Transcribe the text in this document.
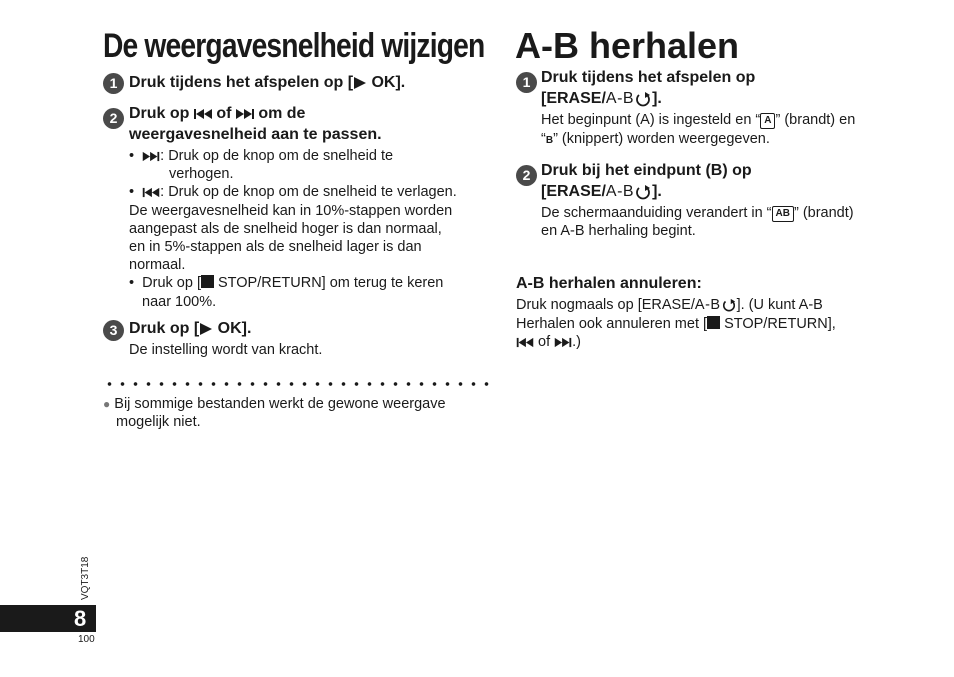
De weergavesnelheid wijzigen
1 Druk tijdens het afspelen op [ OK].
2 Druk op  of  om de
weergavesnelheid aan te passen.
• : Druk op de knop om de snelheid te
verhogen.
• : Druk op de knop om de snelheid te verlagen.
De weergavesnelheid kan in 10%-stappen worden
aangepast als de snelheid hoger is dan normaal,
en in 5%-stappen als de snelheid lager is dan
normaal.
• Druk op [ STOP/RETURN] om terug te keren
naar 100%.
3 Druk op [ OK].
De instelling wordt van kracht.
● Bij sommige bestanden werkt de gewone weergave
mogelijk niet.
A-B herhalen
1 Druk tijdens het afspelen op
[ERASE/A-B ].
Het beginpunt (A) is ingesteld en “ A ” (brandt) en
“B” (knippert) worden weergegeven.
2 Druk bij het eindpunt (B) op
[ERASE/A-B ].
De schermaanduiding verandert in “ AB ” (brandt)
en A-B herhaling begint.
A-B herhalen annuleren:
Druk nogmaals op [ERASE/A-B ]. (U kunt A-B
Herhalen ook annuleren met [ STOP/RETURN],
of .)
VQT3T18
8
100
